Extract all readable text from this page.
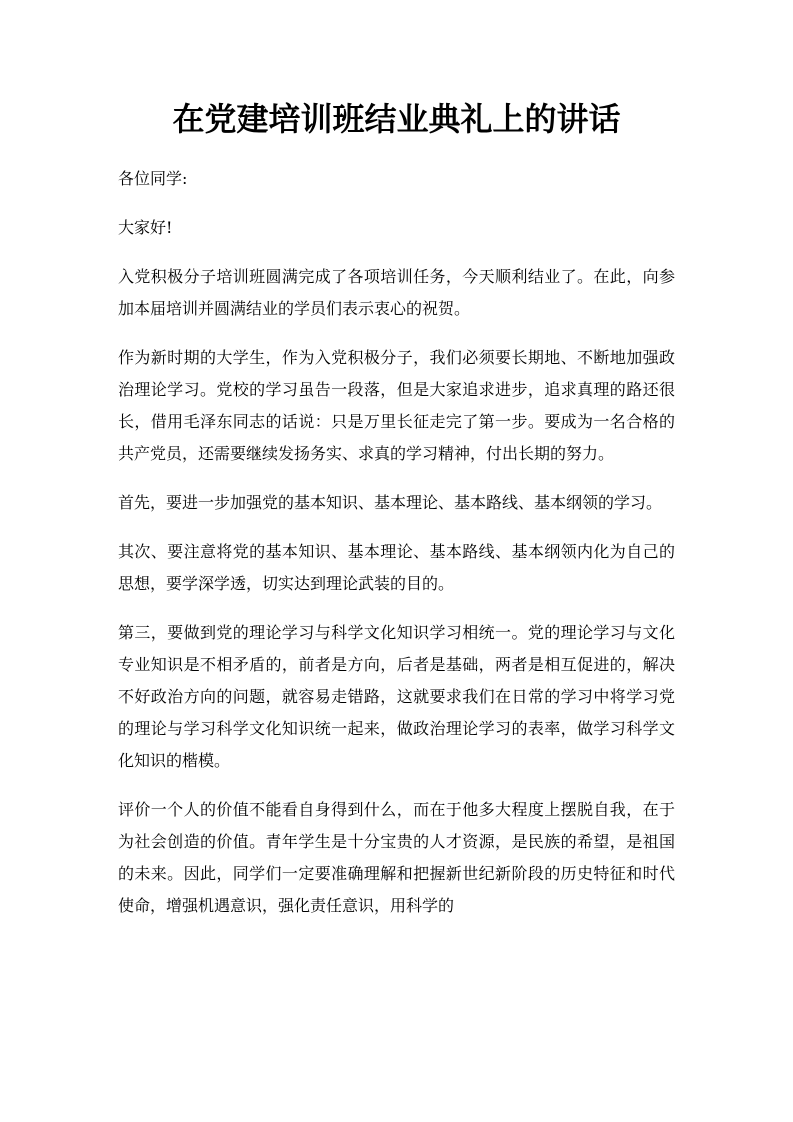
在党建培训班结业典礼上的讲话

各位同学:

大家好!

入党积极分子培训班圆满完成了各项培训任务，今天顺利结业了。在此，向参加本届培训并圆满结业的学员们表示衷心的祝贺。

作为新时期的大学生，作为入党积极分子，我们必须要长期地、不断地加强政治理论学习。党校的学习虽告一段落，但是大家追求进步，追求真理的路还很长，借用毛泽东同志的话说：只是万里长征走完了第一步。要成为一名合格的共产党员，还需要继续发扬务实、求真的学习精神，付出长期的努力。

首先，要进一步加强党的基本知识、基本理论、基本路线、基本纲领的学习。

其次、要注意将党的基本知识、基本理论、基本路线、基本纲领内化为自己的思想，要学深学透，切实达到理论武装的目的。

第三，要做到党的理论学习与科学文化知识学习相统一。党的理论学习与文化专业知识是不相矛盾的，前者是方向，后者是基础，两者是相互促进的，解决不好政治方向的问题，就容易走错路，这就要求我们在日常的学习中将学习党的理论与学习科学文化知识统一起来，做政治理论学习的表率，做学习科学文化知识的楷模。

评价一个人的价值不能看自身得到什么，而在于他多大程度上摆脱自我，在于为社会创造的价值。青年学生是十分宝贵的人才资源，是民族的希望，是祖国的未来。因此，同学们一定要准确理解和把握新世纪新阶段的历史特征和时代使命，增强机遇意识，强化责任意识，用科学的
